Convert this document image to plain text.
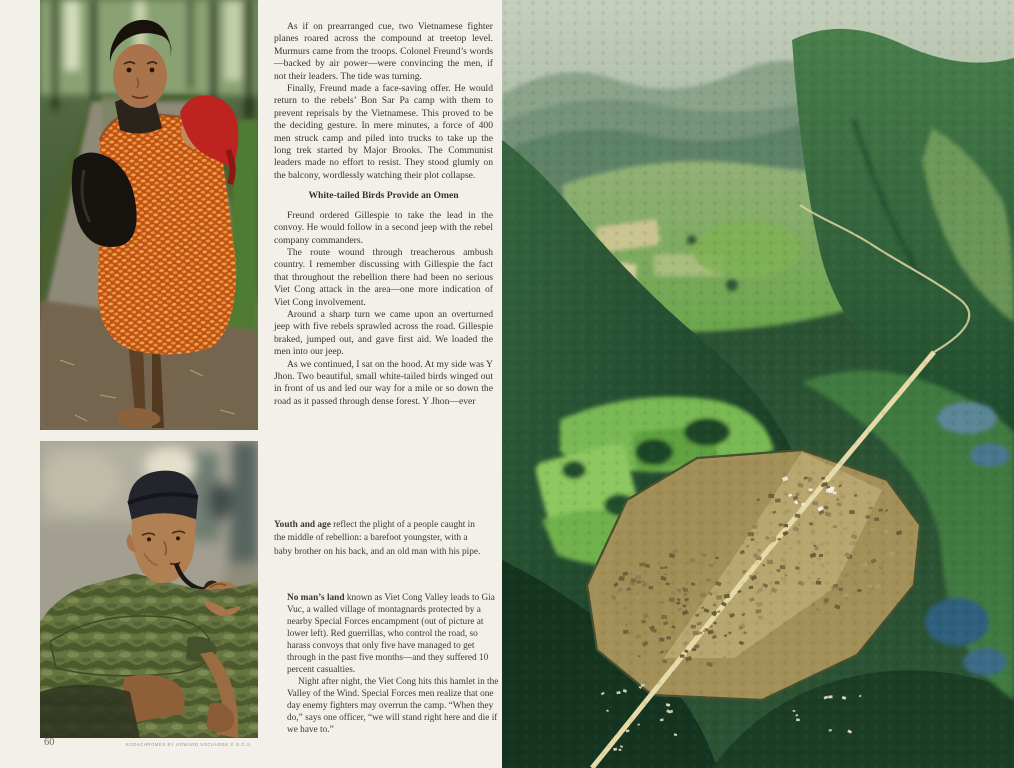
60	KODACHROMES BY HOWARD SOCHUREK © N.G.S.

As if on prearranged cue, two Vietnamese fighter planes roared across the compound at treetop level. Murmurs came from the troops. Colonel Freund’s words—backed by air power—were convincing the men, if not their leaders. The tide was turning.

Finally, Freund made a face-saving offer. He would return to the rebels’ Bon Sar Pa camp with them to prevent reprisals by the Vietnamese. This proved to be the deciding gesture. In mere minutes, a force of 400 men struck camp and piled into trucks to take up the long trek started by Major Brooks. The Communist leaders made no effort to resist. They stood glumly on the balcony, wordlessly watching their plot collapse.

White-tailed Birds Provide an Omen

Freund ordered Gillespie to take the lead in the convoy. He would follow in a second jeep with the rebel company commanders.

The route wound through treacherous ambush country. I remember discussing with Gillespie the fact that throughout the rebellion there had been no serious Viet Cong attack in the area—one more indication of Viet Cong involvement.

Around a sharp turn we came upon an overturned jeep with five rebels sprawled across the road. Gillespie braked, jumped out, and gave first aid. We loaded the men into our jeep.

As we continued, I sat on the hood. At my side was Y Jhon. Two beautiful, small white-tailed birds winged out in front of us and led our way for a mile or so down the road as it passed through dense forest. Y Jhon—ever

Youth and age reflect the plight of a people caught in the middle of rebellion: a barefoot youngster, with a baby brother on his back, and an old man with his pipe.

No man’s land known as Viet Cong Valley leads to Gia Vuc, a walled village of montagnards protected by a nearby Special Forces encampment (out of picture at lower left). Red guerrillas, who control the road, so harass convoys that only five have managed to get through in the past five months—and they suffered 10 percent casualties.

Night after night, the Viet Cong hits this hamlet in the Valley of the Wind. Special Forces men realize that one day enemy fighters may overrun the camp. “When they do,” says one officer, “we will stand right here and die if we have to.”
